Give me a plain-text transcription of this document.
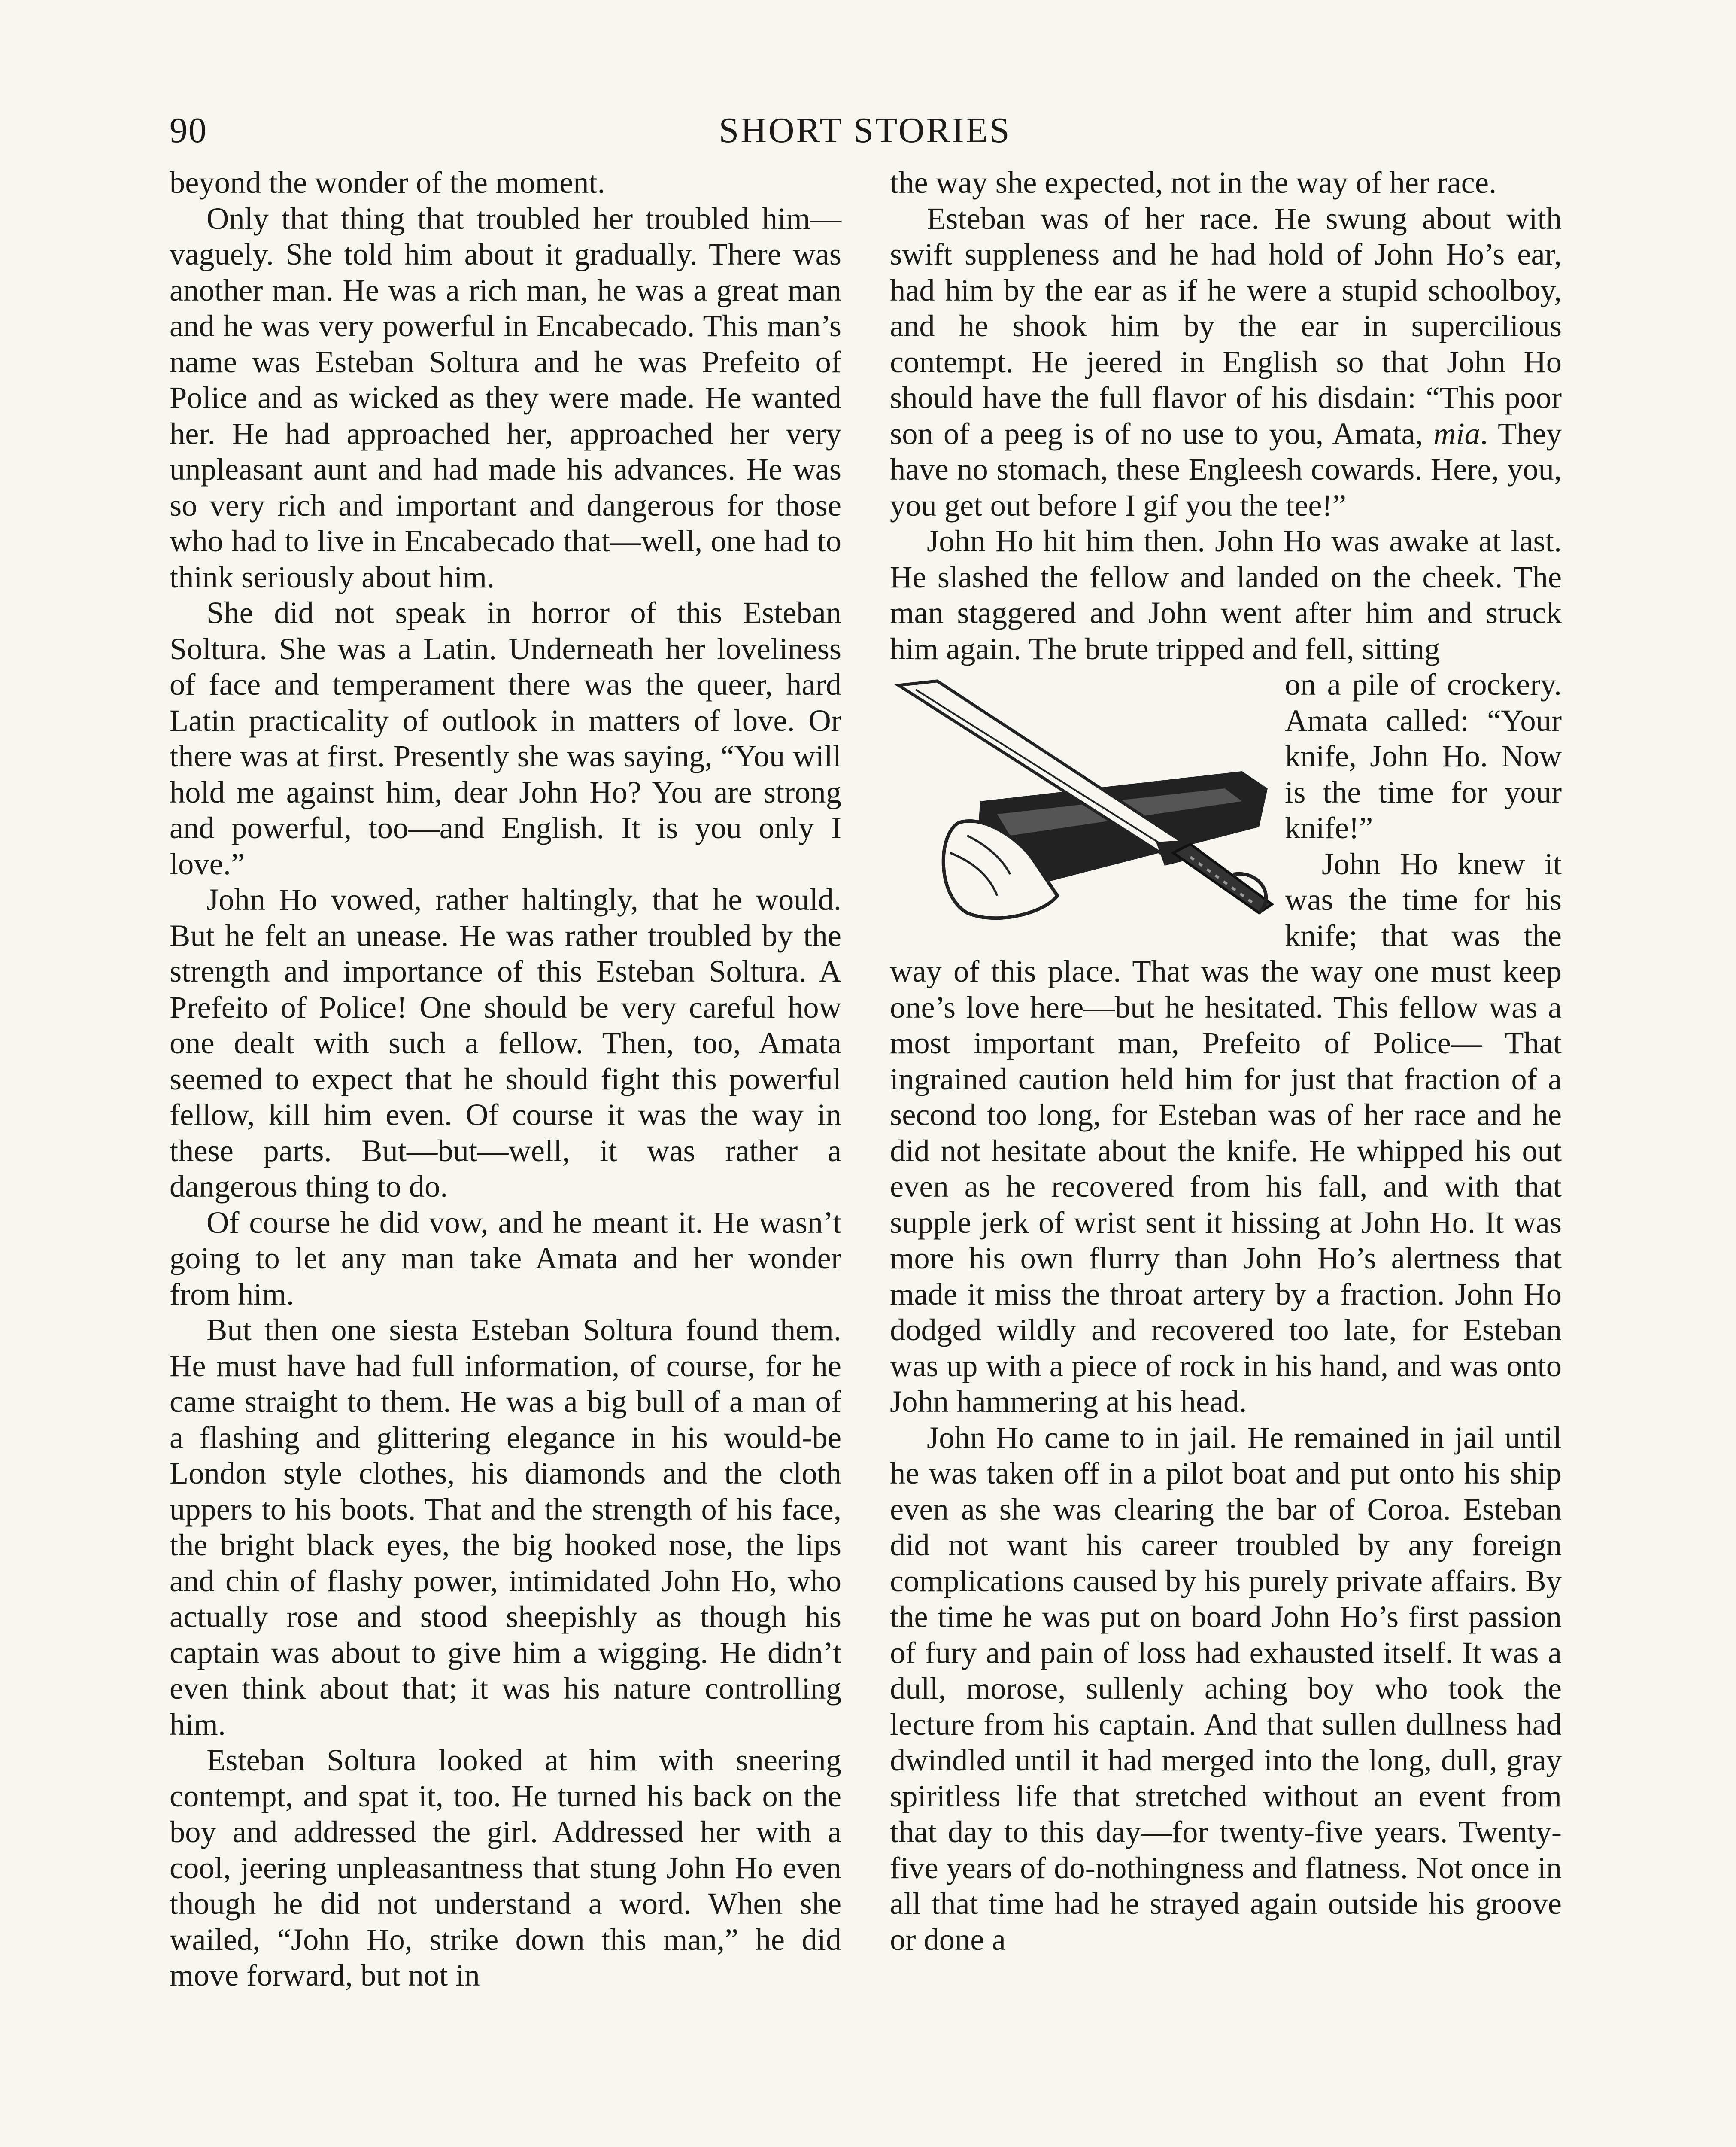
90	SHORT STORIES

beyond the wonder of the moment.

Only that thing that troubled her troubled him—vaguely. She told him about it gradually. There was another man. He was a rich man, he was a great man and he was very powerful in Encabecado. This man’s name was Esteban Soltura and he was Prefeito of Police and as wicked as they were made. He wanted her. He had approached her, approached her very unpleasant aunt and had made his advances. He was so very rich and important and dangerous for those who had to live in Encabecado that—well, one had to think seriously about him.

She did not speak in horror of this Esteban Soltura. She was a Latin. Underneath her loveliness of face and temperament there was the queer, hard Latin practicality of outlook in matters of love. Or there was at first. Presently she was saying, “You will hold me against him, dear John Ho? You are strong and powerful, too—and English. It is you only I love.”

John Ho vowed, rather haltingly, that he would. But he felt an unease. He was rather troubled by the strength and importance of this Esteban Soltura. A Prefeito of Police! One should be very careful how one dealt with such a fellow. Then, too, Amata seemed to expect that he should fight this powerful fellow, kill him even. Of course it was the way in these parts. But—but—well, it was rather a dangerous thing to do.

Of course he did vow, and he meant it. He wasn’t going to let any man take Amata and her wonder from him.

But then one siesta Esteban Soltura found them. He must have had full information, of course, for he came straight to them. He was a big bull of a man of a flashing and glittering elegance in his would-be London style clothes, his diamonds and the cloth uppers to his boots. That and the strength of his face, the bright black eyes, the big hooked nose, the lips and chin of flashy power, intimidated John Ho, who actually rose and stood sheepishly as though his captain was about to give him a wigging. He didn’t even think about that; it was his nature controlling him.

Esteban Soltura looked at him with sneering contempt, and spat it, too. He turned his back on the boy and addressed the girl. Addressed her with a cool, jeering unpleasantness that stung John Ho even though he did not understand a word. When she wailed, “John Ho, strike down this man,” he did move forward, but not in

the way she expected, not in the way of her race.

Esteban was of her race. He swung about with swift suppleness and he had hold of John Ho’s ear, had him by the ear as if he were a stupid schoolboy, and he shook him by the ear in supercilious contempt. He jeered in English so that John Ho should have the full flavor of his disdain: “This poor son of a peeg is of no use to you, Amata, mia. They have no stomach, these Engleesh cowards. Here, you, you get out before I gif you the tee!”

John Ho hit him then. John Ho was awake at last. He slashed the fellow and landed on the cheek. The man staggered and John went after him and struck him again. The brute tripped and fell, sitting

on a pile of crockery. Amata called: “Your knife, John Ho. Now is the time for your knife!”

John Ho knew it was the time for his knife; that was the way of this place. That was the way one must keep one’s love here—but he hesitated. This fellow was a most important man, Prefeito of Police— That ingrained caution held him for just that fraction of a second too long, for Esteban was of her race and he did not hesitate about the knife. He whipped his out even as he recovered from his fall, and with that supple jerk of wrist sent it hissing at John Ho. It was more his own flurry than John Ho’s alertness that made it miss the throat artery by a fraction. John Ho dodged wildly and recovered too late, for Esteban was up with a piece of rock in his hand, and was onto John hammering at his head.

John Ho came to in jail. He remained in jail until he was taken off in a pilot boat and put onto his ship even as she was clearing the bar of Coroa. Esteban did not want his career troubled by any foreign complications caused by his purely private affairs. By the time he was put on board John Ho’s first passion of fury and pain of loss had exhausted itself. It was a dull, morose, sullenly aching boy who took the lecture from his captain. And that sullen dullness had dwindled until it had merged into the long, dull, gray spiritless life that stretched without an event from that day to this day—for twenty-five years. Twenty-five years of do-nothingness and flatness. Not once in all that time had he strayed again outside his groove or done a
